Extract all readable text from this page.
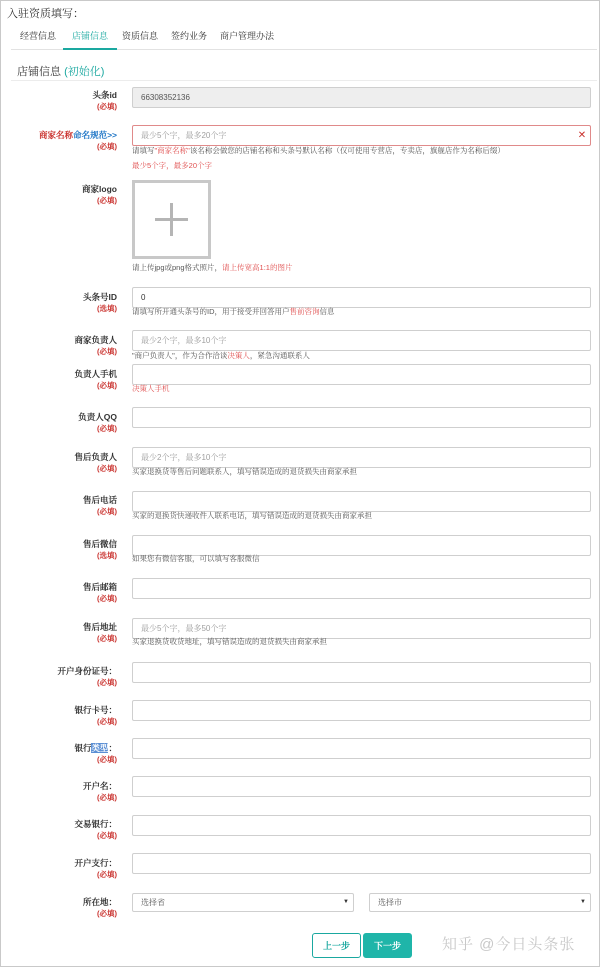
入驻资质填写：
经营信息	店铺信息	资质信息	签约业务	商户管理办法
店铺信息 (初始化)
头条id
(必填)
66308352136
商家名称命名规范>>
(必填)
最少5个字，最多20个字
✕
请填写"商家名称"该名称会做您的店铺名称和头条号默认名称（仅可使用专营店，专卖店，旗舰店作为名称后缀）
最少5个字，最多20个字
商家logo
(必填)
请上传jpg或png格式照片，请上传宽高1:1的图片
头条号ID
(选填)
0 请填写所开通头条号的ID，用于接受并回答用户售前咨询信息
商家负责人
(必填)
最少2个字，最多10个字 "商户负责人"，作为合作洽谈决策人，紧急沟通联系人
负责人手机
(必填) 决策人手机
负责人QQ
(必填)
售后负责人
(必填)
最少2个字，最多10个字 买家退换货等售后问题联系人，填写错误造成的退货损失由商家承担
售后电话
(必填) 买家的退换货快递收件人联系电话，填写错误造成的退货损失由商家承担
售后微信
(选填) 如果您有微信客服，可以填写客服微信
售后邮箱
(必填)
售后地址
(必填)
最少5个字，最多50个字 买家退换货收货地址，填写错误造成的退货损失由商家承担
开户身份证号：
(必填)
银行卡号：
(必填)
银行类型：
(必填)
开户名：
(必填)
交易银行：
(必填)
开户支行：
(必填)
所在地：
(必填)
选择省	▼	选择市	▼
上一步	下一步	知乎 @今日头条张
